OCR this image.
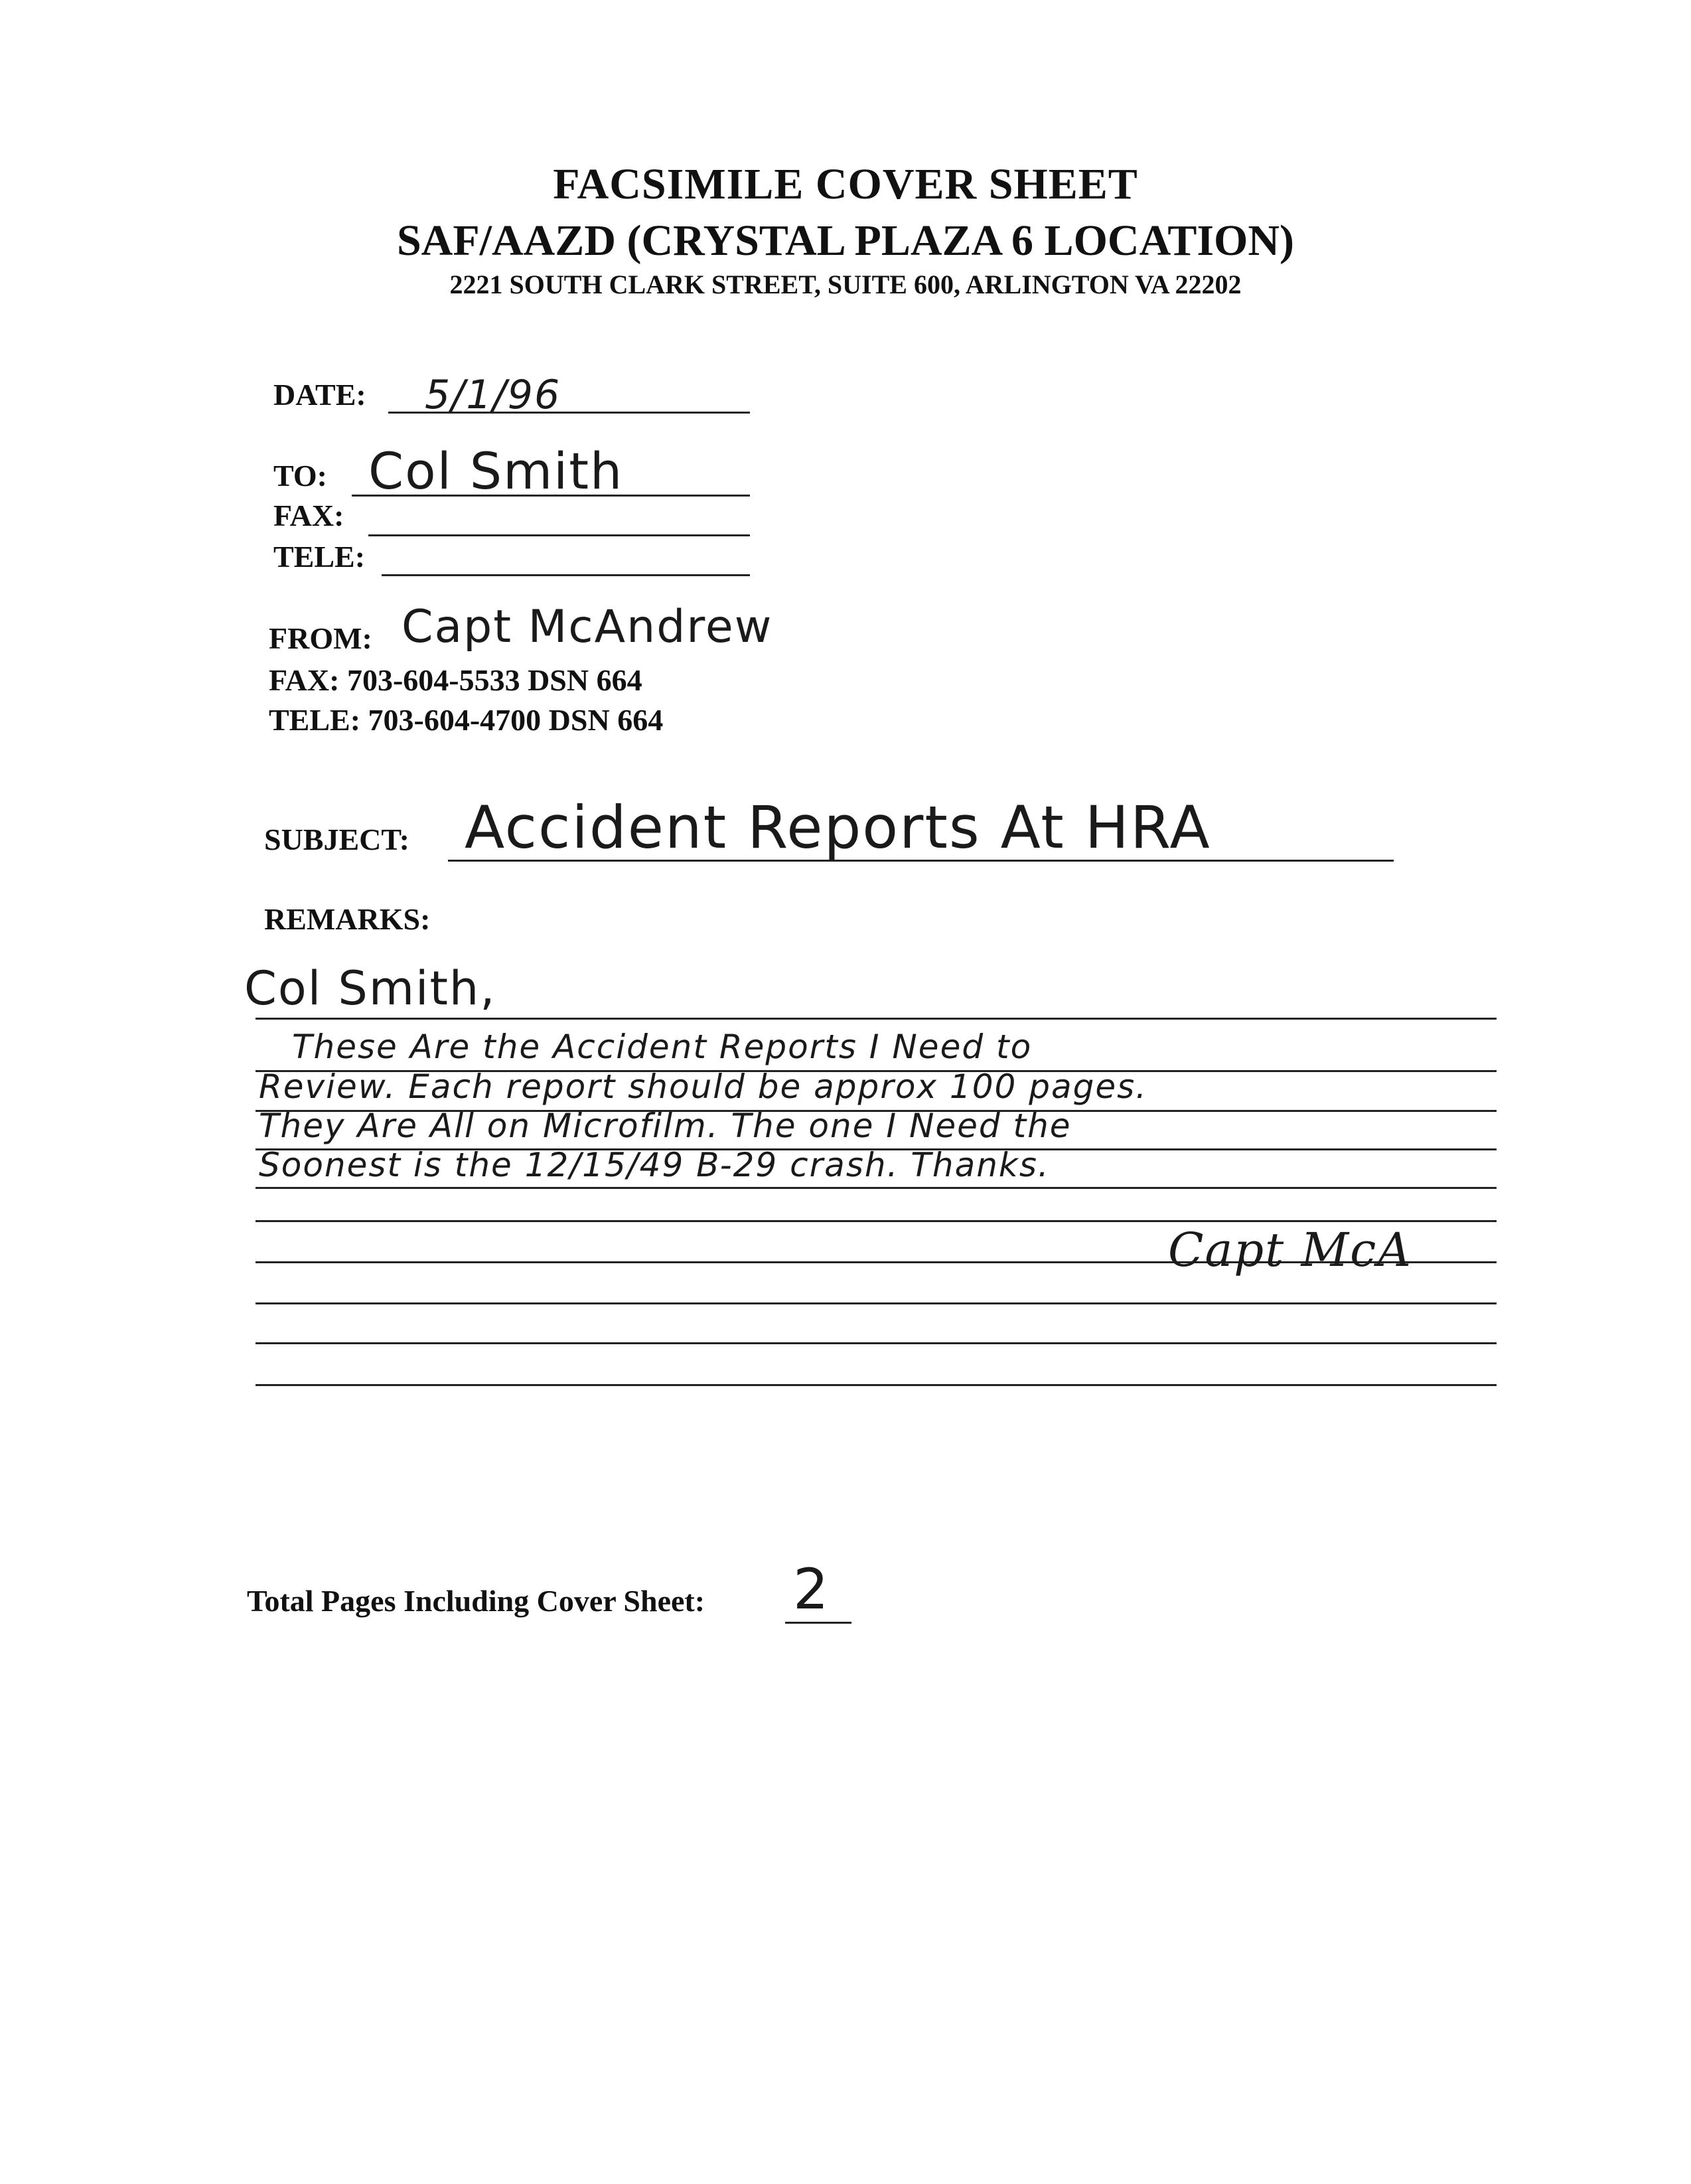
FACSIMILE COVER SHEET
SAF/AAZD (CRYSTAL PLAZA 6 LOCATION)
2221 SOUTH CLARK STREET, SUITE 600, ARLINGTON VA 22202
DATE: 5/1/96
TO: Col Smith
FAX:
TELE:
FROM: Capt McAndrew
FAX: 703-604-5533 DSN 664
TELE: 703-604-4700 DSN 664
SUBJECT: Accident Reports At HRA
REMARKS:
Col Smith,
These Are the Accident Reports I Need to
Review. Each report should be approx 100 pages.
They Are All on Microfilm. The one I Need the
Soonest is the 12/15/49 B-29 crash. Thanks.
Capt McA
Total Pages Including Cover Sheet: 2
